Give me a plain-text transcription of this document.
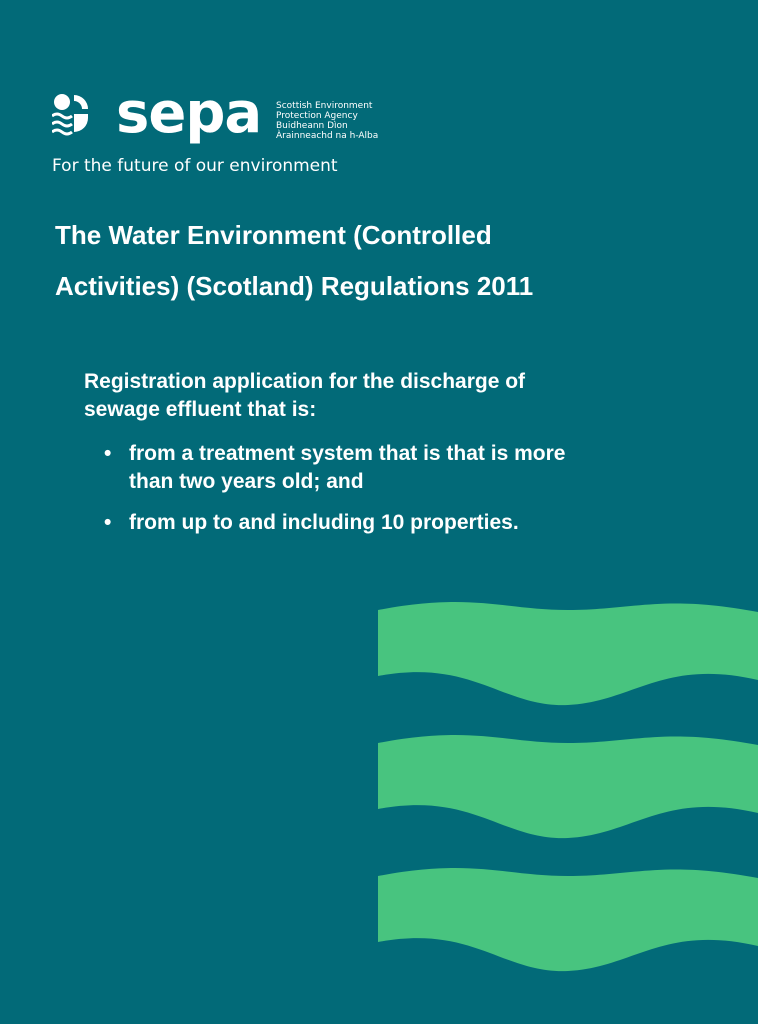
sepa Scottish Environment
Protection Agency
Buidheann Dìon
Àrainneachd na h-Alba
For the future of our environment
The Water Environment (Controlled
Activities) (Scotland) Regulations 2011

Registration application for the discharge of
sewage effluent that is:

• from a treatment system that is that is more
than two years old; and
• from up to and including 10 properties.
